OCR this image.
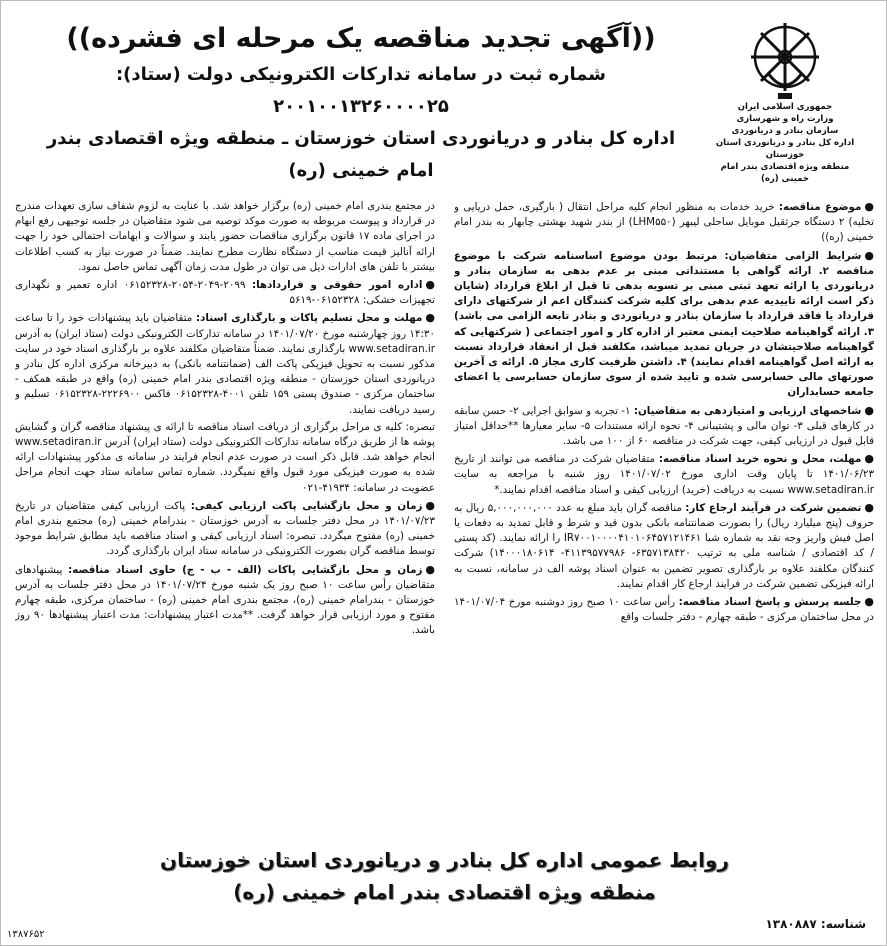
((آگهی تجدید مناقصه یک مرحله ای فشرده))
شماره ثبت در سامانه تدارکات الکترونیکی دولت (ستاد): ۲۰۰۱۰۰۱۳۲۶۰۰۰۰۲۵
اداره کل بنادر و دریانوردی استان خوزستان ـ منطقه ویژه اقتصادی بندر امام خمینی (ره)
جمهوری اسلامی ایران
وزارت راه و شهرسازی
سازمان بنادر و دریانوردی
اداره کل بنادر و دریانوردی استان خوزستان
منطقه ویژه اقتصادی بندر امام خمینی (ره)
● موضوع مناقصه: خرید خدمات به منظور انجام کلیه مراحل انتقال ( بارگیری، حمل دریایی و تخلیه) ۲ دستگاه جرثقیل موبایل ساحلی لیبهر (LHM۵۵۰) از بندر شهید بهشتی چابهار به بندر امام خمینی (ره))
● شرایط الزامی متقاضیان: مرتبط بودن موضوع اساسنامه شرکت با موضوع مناقصه ۲. ارائه گواهی یا مستنداتی مبنی بر عدم بدهی به سازمان بنادر و دریانوردی یا ارائه تعهد ثبتی مبنی بر تسویه بدهی تا قبل از ابلاغ قرارداد (شایان ذکر است ارائه تاییدیه عدم بدهی برای کلیه شرکت کنندگان اعم از شرکتهای دارای قرارداد یا فاقد قرارداد با سازمان بنادر و دریانوردی و بنادر تابعه الزامی می باشد) ۳. ارائه گواهینامه صلاحیت ایمنی معتبر از اداره کار و امور اجتماعی ( شرکتهایی که گواهینامه صلاحیتشان در جریان تمدید میباشد، مکلفند قبل از انعقاد قرارداد نسبت به ارائه اصل گواهینامه اقدام نمایند) ۴. داشتن ظرفیت کاری مجاز ۵. ارائه ی آخرین صورتهای مالی حسابرسی شده و تایید شده از سوی سازمان حسابرسی یا اعضای جامعه حسابداران
● شاخصهای ارزیابی و امتیازدهی به متقاضیان: ۱- تجربه و سوابق اجرایی ۲- حسن سابقه در کارهای قبلی ۳- توان مالی و پشتیبانی ۴- نحوه ارائه مستندات ۵- سایر معیارها **حداقل امتیاز قابل قبول در ارزیابی کیفی، جهت شرکت در مناقصه ۶۰ از ۱۰۰ می باشد.
● مهلت، محل و نحوه خرید اسناد مناقصه: متقاضیان شرکت در مناقصه می توانند از تاریخ ۱۴۰۱/۰۶/۲۳ تا پایان وقت اداری مورخ ۱۴۰۱/۰۷/۰۲ روز شنبه با مراجعه به سایت www.setadiran.ir نسبت به دریافت (خرید) ارزیابی کیفی و اسناد مناقصه اقدام نمایند.*
● تضمین شرکت در فرآیند ارجاع کار: مناقصه گران باید مبلغ به عدد ۵,۰۰۰,۰۰۰,۰۰۰ ریال به حروف (پنج میلیارد ریال) را بصورت ضمانتنامه بانکی بدون قید و شرط و قابل تمدید به دفعات یا اصل فیش واریز وجه نقد به شماره شبا IR۷۰۰۱۰۰۰۰۴۱۰۱۰۶۴۵۷۱۲۱۴۶۱ را ارائه نمایند. (کد پستی / کد اقتصادی / شناسه ملی به ترتیب ۶۳۵۷۱۳۸۴۲۰- ۴۱۱۳۹۵۷۷۹۸۶- ۱۴۰۰۰۱۸۰۶۱۴) شرکت کنندگان مکلفند علاوه بر بارگذاری تصویر تضمین به عنوان اسناد پوشه الف در سامانه، نسبت به ارائه فیزیکی تضمین شرکت در فرایند ارجاع کار اقدام نمایند.
● جلسه پرسش و پاسخ اسناد مناقصه: رأس ساعت ۱۰ صبح روز دوشنبه مورخ ۱۴۰۱/۰۷/۰۴ در محل ساختمان مرکزی - طبقه چهارم - دفتر جلسات واقع
در مجتمع بندری امام خمینی (ره) برگزار خواهد شد. با عنایت به لزوم شفاف سازی تعهدات مندرج در قرارداد و پیوست مربوطه به صورت موکد توصیه می شود متقاضیان در جلسه توجیهی رفع ابهام در اجرای ماده ۱۷ قانون برگزاری مناقصات حضور یابند و سوالات و ابهامات احتمالی خود را جهت ارائه آنالیز قیمت مناسب از دستگاه نظارت مطرح نمایند. ضمناً در صورت نیاز به کسب اطلاعات بیشتر با تلفن های ادارات ذیل می توان در طول مدت زمان آگهی تماس حاصل نمود.
● اداره امور حقوقی و قراردادها: ۲۰۹۹-۲۰۴۹-۲۰۵۴-۰۶۱۵۲۳۲۸ اداره تعمیر و نگهداری تجهیزات خشکی: ۰۶۱۵۲۳۲۸-۵۶۱۹
● مهلت و محل تسلیم پاکات و بارگذاری اسناد: متقاضیان باید پیشنهادات خود را تا ساعت ۱۴:۳۰ روز چهارشنبه مورخ ۱۴۰۱/۰۷/۲۰ در سامانه تدارکات الکترونیکی دولت (ستاد ایران) به آدرس www.setadiran.ir بارگذاری نمایند. ضمناً متقاضیان مکلفند علاوه بر بارگذاری اسناد خود در سایت مذکور نسبت به تحویل فیزیکی پاکت الف (ضمانتنامه بانکی) به دبیرخانه مرکزی اداره کل بنادر و دریانوردی استان خوزستان - منطقه ویژه اقتصادی بندر امام خمینی (ره) واقع در طبقه همکف - ساختمان مرکزی - صندوق پستی ۱۵۹ تلفن ۴۰۰۱-۰۶۱۵۲۳۲۸ فاکس ۲۲۲۶۹۰۰-۰۶۱۵۲۳۲۸ تسلیم و رسید دریافت نمایند.
تبصره: کلیه ی مراحل برگزاری از دریافت اسناد مناقصه تا ارائه ی پیشنهاد مناقصه گران و گشایش پوشه ها از طریق درگاه سامانه تدارکات الکترونیکی دولت (ستاد ایران) آدرس www.setadiran.ir انجام خواهد شد. قابل ذکر است در صورت عدم انجام فرایند در سامانه ی مذکور پیشنهادات ارائه شده به صورت فیزیکی مورد قبول واقع نمیگردد. شماره تماس سامانه ستاد جهت انجام مراحل عضویت در سامانه: ۴۱۹۳۴-۰۲۱
● زمان و محل بازگشایی پاکت ارزیابی کیفی: پاکت ارزیابی کیفی متقاضیان در تاریخ ۱۴۰۱/۰۷/۲۳ در محل دفتر جلسات به آدرس خوزستان - بندرامام خمینی (ره) مجتمع بندری امام خمینی (ره) مفتوح میگردد. تبصره: اسناد ارزیابی کیفی و اسناد مناقصه باید مطابق شرایط موجود توسط مناقصه گران بصورت الکترونیکی در سامانه ستاد ایران بارگذاری گردد.
● زمان و محل بازگشایی پاکات (الف - ب - ج) حاوی اسناد مناقصه: پیشنهادهای متقاضیان رأس ساعت ۱۰ صبح روز یک شنبه مورخ ۱۴۰۱/۰۷/۲۴ در محل دفتر جلسات به آدرس خوزستان - بندرامام خمینی (ره)، مجتمع بندری امام خمینی (ره) - ساختمان مرکزی، طبقه چهارم مفتوح و مورد ارزیابی قرار خواهد گرفت. **مدت اعتبار پیشنهادات: مدت اعتبار پیشنهادها ۹۰ روز باشد.
روابط عمومی اداره کل بنادر و دریانوردی استان خوزستان
منطقه ویژه اقتصادی بندر امام خمینی (ره)
شناسه: ۱۳۸۰۸۸۷
۱۳۸۷۶۵۲
